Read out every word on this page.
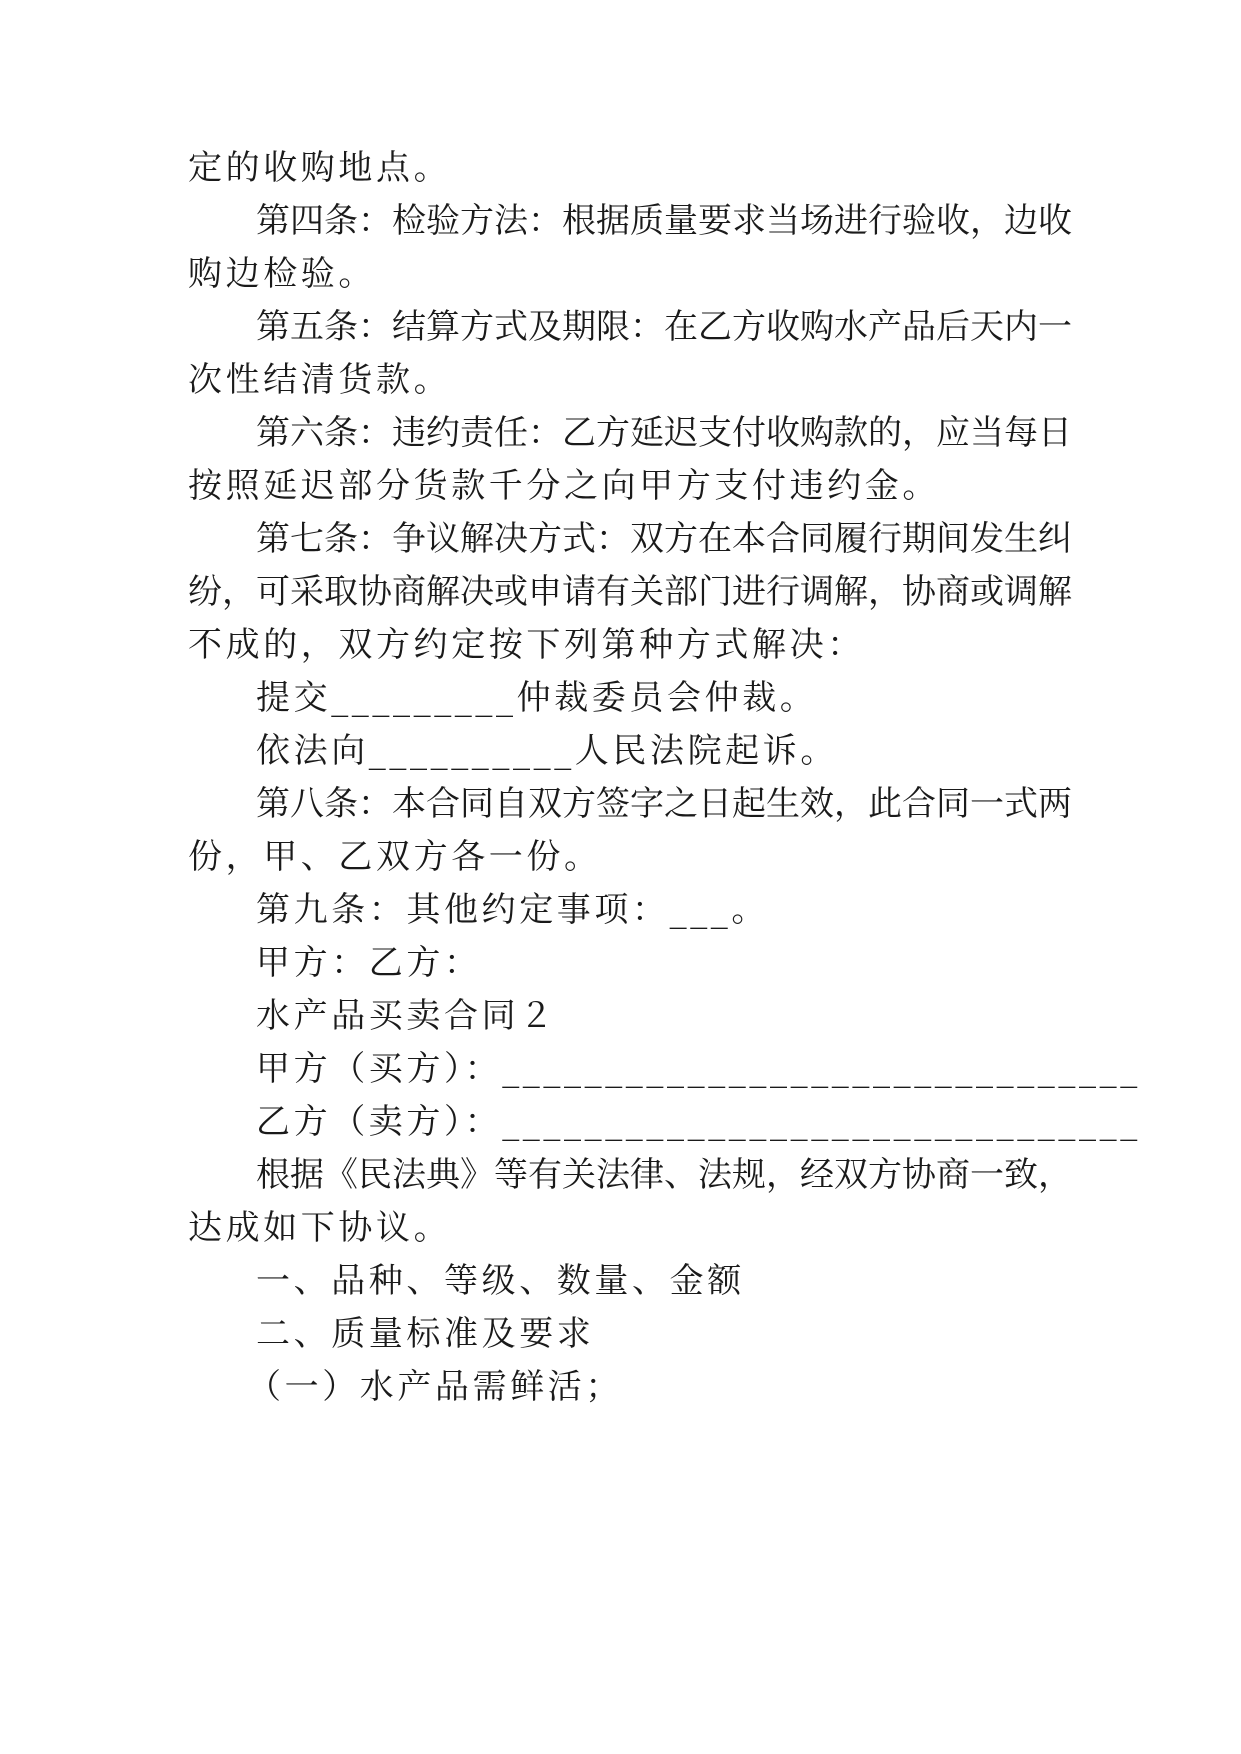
定的收购地点。

第四条：检验方法：根据质量要求当场进行验收，边收

购边检验。

第五条：结算方式及期限：在乙方收购水产品后天内一

次性结清货款。

第六条：违约责任：乙方延迟支付收购款的，应当每日

按照延迟部分货款千分之向甲方支付违约金。

第七条：争议解决方式：双方在本合同履行期间发生纠

纷，可采取协商解决或申请有关部门进行调解，协商或调解

不成的，双方约定按下列第种方式解决：

提交_________仲裁委员会仲裁。

依法向__________人民法院起诉。

第八条：本合同自双方签字之日起生效，此合同一式两

份，甲、乙双方各一份。

第九条：其他约定事项：___。

甲方：乙方：

水产品买卖合同２

甲方（买方）：_______________________________

乙方（卖方）：_______________________________

根据《民法典》等有关法律、法规，经双方协商一致，

达成如下协议。

一、品种、等级、数量、金额

二、质量标准及要求

（一）水产品需鲜活；
